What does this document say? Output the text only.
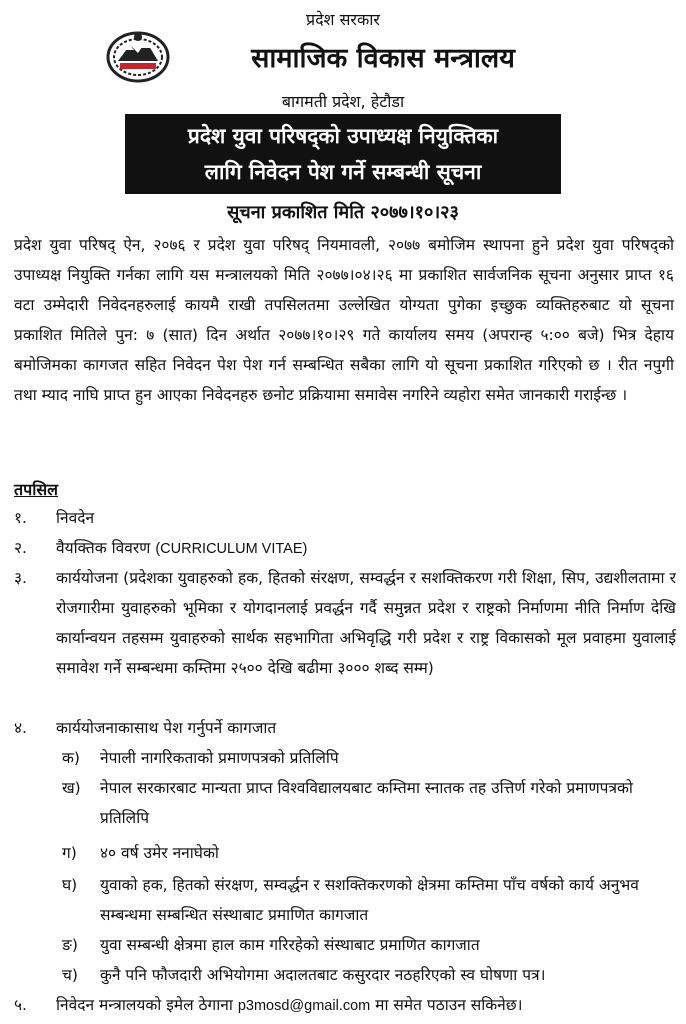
प्रदेश सरकार
सामाजिक विकास मन्त्रालय
बागमती प्रदेश, हेटौडा
प्रदेश युवा परिषद्को उपाध्यक्ष नियुक्तिका
लागि निवेदन पेश गर्ने सम्बन्धी सूचना
सूचना प्रकाशित मिति २०७७।१०।२३

प्रदेश युवा परिषद् ऐन, २०७६ र प्रदेश युवा परिषद् नियमावली, २०७७ बमोजिम स्थापना हुने प्रदेश युवा परिषद्को उपाध्यक्ष नियुक्ति गर्नका लागि यस मन्त्रालयको मिति २०७७।०४।२६ मा प्रकाशित सार्वजनिक सूचना अनुसार प्राप्त १६ वटा उम्मेदारी निवेदनहरुलाई कायमै राखी तपसिलतमा उल्लेखित योग्यता पुगेका इच्छुक व्यक्तिहरुबाट यो सूचना प्रकाशित मितिले पुन: ७ (सात) दिन अर्थात २०७७।१०।२९ गते कार्यालय समय (अपरान्ह ५:०० बजे) भित्र देहाय बमोजिमका कागजत सहित निवेदन पेश पेश गर्न सम्बन्धित सबैका लागि यो सूचना प्रकाशित गरिएको छ । रीत नपुगी तथा म्याद नाघि प्राप्त हुन आएका निवेदनहरु छनोट प्रक्रियामा समावेस नगरिने व्यहोरा समेत जानकारी गराईन्छ ।

तपसिल
१. निवदेन
२. वैयक्तिक विवरण (CURRICULUM VITAE)
३. कार्ययोजना (प्रदेशका युवाहरुको हक, हितको संरक्षण, सम्वर्द्धन र सशक्तिकरण गरी शिक्षा, सिप, उद्यशीलतामा र रोजगारीमा युवाहरुको भूमिका र योगदानलाई प्रवर्द्धन गर्दै समुन्नत प्रदेश र राष्ट्रको निर्माणमा नीति निर्माण देखि कार्यान्वयन तहसम्म युवाहरुको सार्थक सहभागिता अभिवृद्धि गरी प्रदेश र राष्ट्र विकासको मूल प्रवाहमा युवालाई समावेश गर्ने सम्बन्धमा कम्तिमा २५०० देखि बढीमा ३००० शब्द सम्म)
४. कार्ययोजनाकासाथ पेश गर्नुपर्ने कागजात
क) नेपाली नागरिकताको प्रमाणपत्रको प्रतिलिपि
ख) नेपाल सरकारबाट मान्यता प्राप्त विश्वविद्यालयबाट कम्तिमा स्नातक तह उत्तिर्ण गरेको प्रमाणपत्रको प्रतिलिपि
ग) ४० वर्ष उमेर ननाघेको
घ) युवाको हक, हितको संरक्षण, सम्वर्द्धन र सशक्तिकरणको क्षेत्रमा कम्तिमा पाँच वर्षको कार्य अनुभव सम्बन्धमा सम्बन्धित संस्थाबाट प्रमाणित कागजात
ङ) युवा सम्बन्धी क्षेत्रमा हाल काम गरिरहेको संस्थाबाट प्रमाणित कागजात
च) कुनै पनि फौजदारी अभियोगमा अदालतबाट कसुरदार नठहरिएको स्व घोषणा पत्र।
५. निवेदन मन्त्रालयको इमेल ठेगाना p3mosd@gmail.com मा समेत पठाउन सकिनेछ।
